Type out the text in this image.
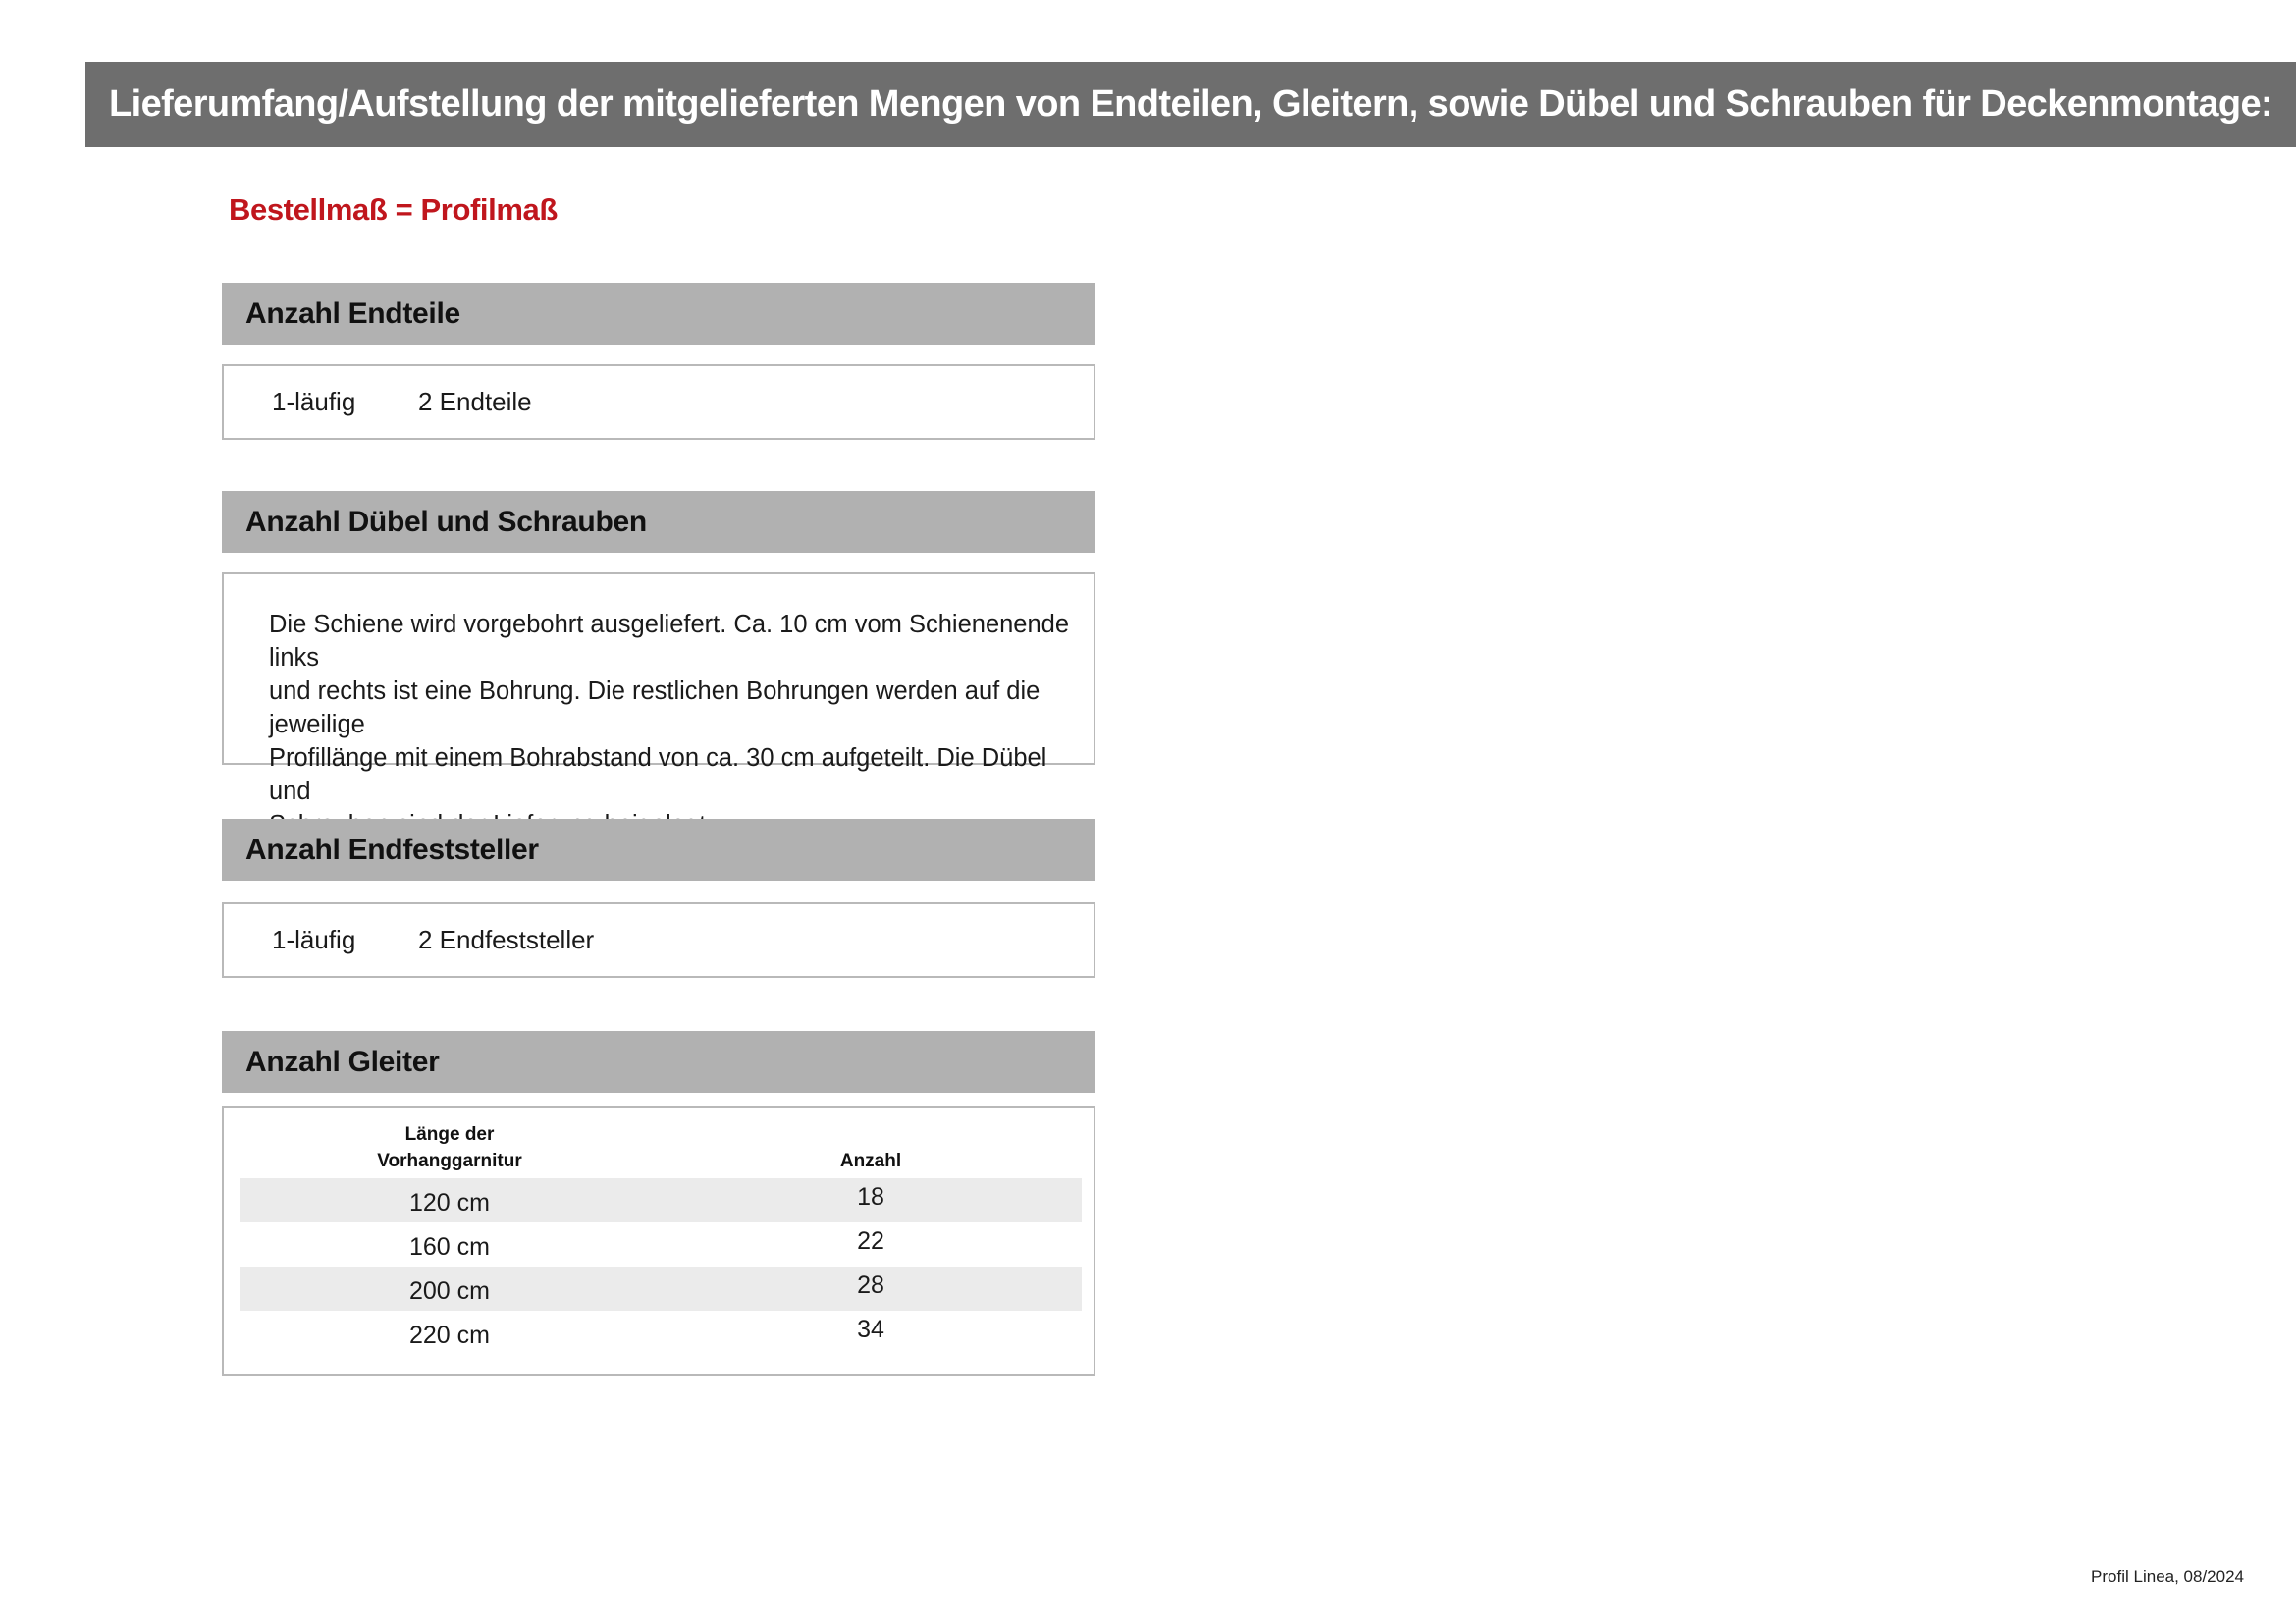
Lieferumfang/Aufstellung der mitgelieferten Mengen von Endteilen, Gleitern, sowie Dübel und Schrauben für Deckenmontage:
Bestellmaß = Profilmaß
Anzahl Endteile
1-läufig 2 Endteile
Anzahl Dübel und Schrauben
Die Schiene wird vorgebohrt ausgeliefert. Ca. 10 cm vom Schienenende links
und rechts ist eine Bohrung. Die restlichen Bohrungen werden auf die jeweilige
Profillänge mit einem Bohrabstand von ca. 30 cm aufgeteilt. Die Dübel und
Anzahl Endfeststeller
1-läufig 2 Endfeststeller
Anzahl Gleiter
Länge der
Vorhanggarnitur	Anzahl
120 cm	18
160 cm	22
200 cm	28
220 cm	34
Profil Linea, 08/2024
